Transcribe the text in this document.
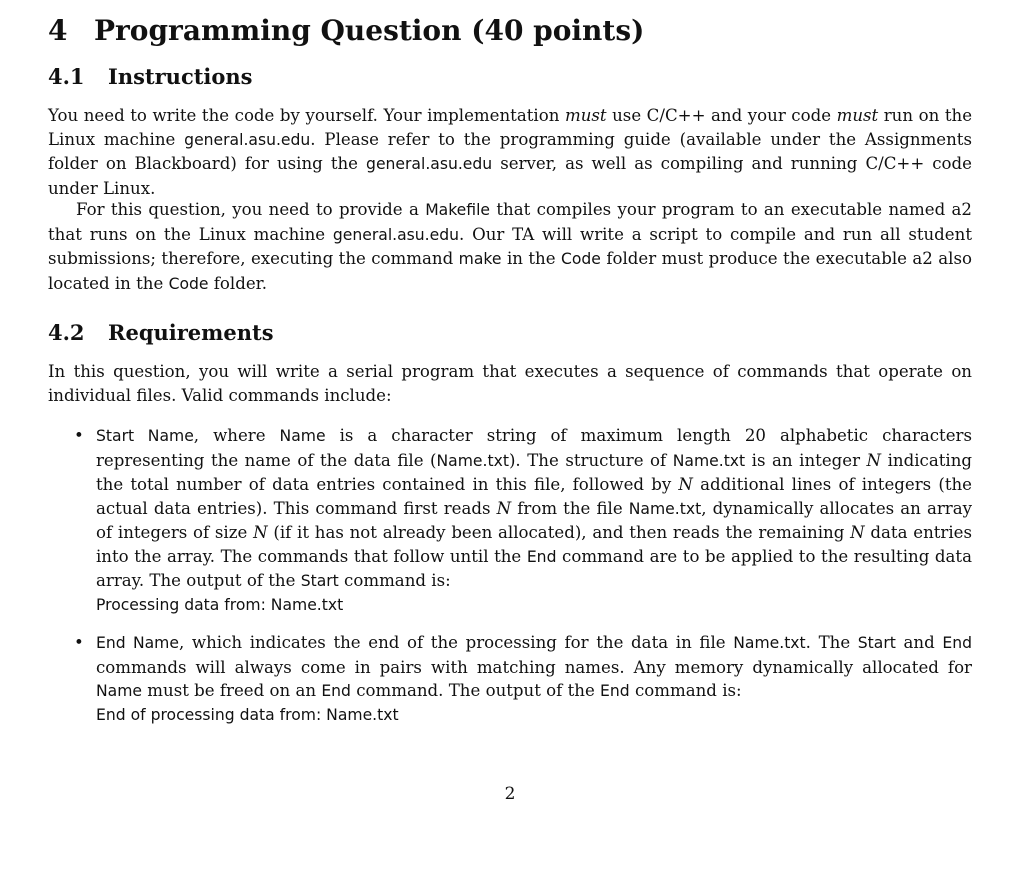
4 Programming Question (40 points)
4.1 Instructions

You need to write the code by yourself. Your implementation must use C/C++ and your code must run on the Linux machine general.asu.edu. Please refer to the programming guide (available under the Assignments folder on Blackboard) for using the general.asu.edu server, as well as compiling and running C/C++ code under Linux.

For this question, you need to provide a Makefile that compiles your program to an executable named a2 that runs on the Linux machine general.asu.edu. Our TA will write a script to compile and run all student submissions; therefore, executing the command make in the Code folder must produce the executable a2 also located in the Code folder.

4.2 Requirements

In this question, you will write a serial program that executes a sequence of commands that operate on individual files. Valid commands include:

• Start Name, where Name is a character string of maximum length 20 alphabetic characters representing the name of the data file (Name.txt). The structure of Name.txt is an integer N indicating the total number of data entries contained in this file, followed by N additional lines of integers (the actual data entries). This command first reads N from the file Name.txt, dynamically allocates an array of integers of size N (if it has not already been allocated), and then reads the remaining N data entries into the array. The commands that follow until the End command are to be applied to the resulting data array. The output of the Start command is:
Processing data from: Name.txt
• End Name, which indicates the end of the processing for the data in file Name.txt. The Start and End commands will always come in pairs with matching names. Any memory dynamically allocated for Name must be freed on an End command. The output of the End command is:
End of processing data from: Name.txt
2
